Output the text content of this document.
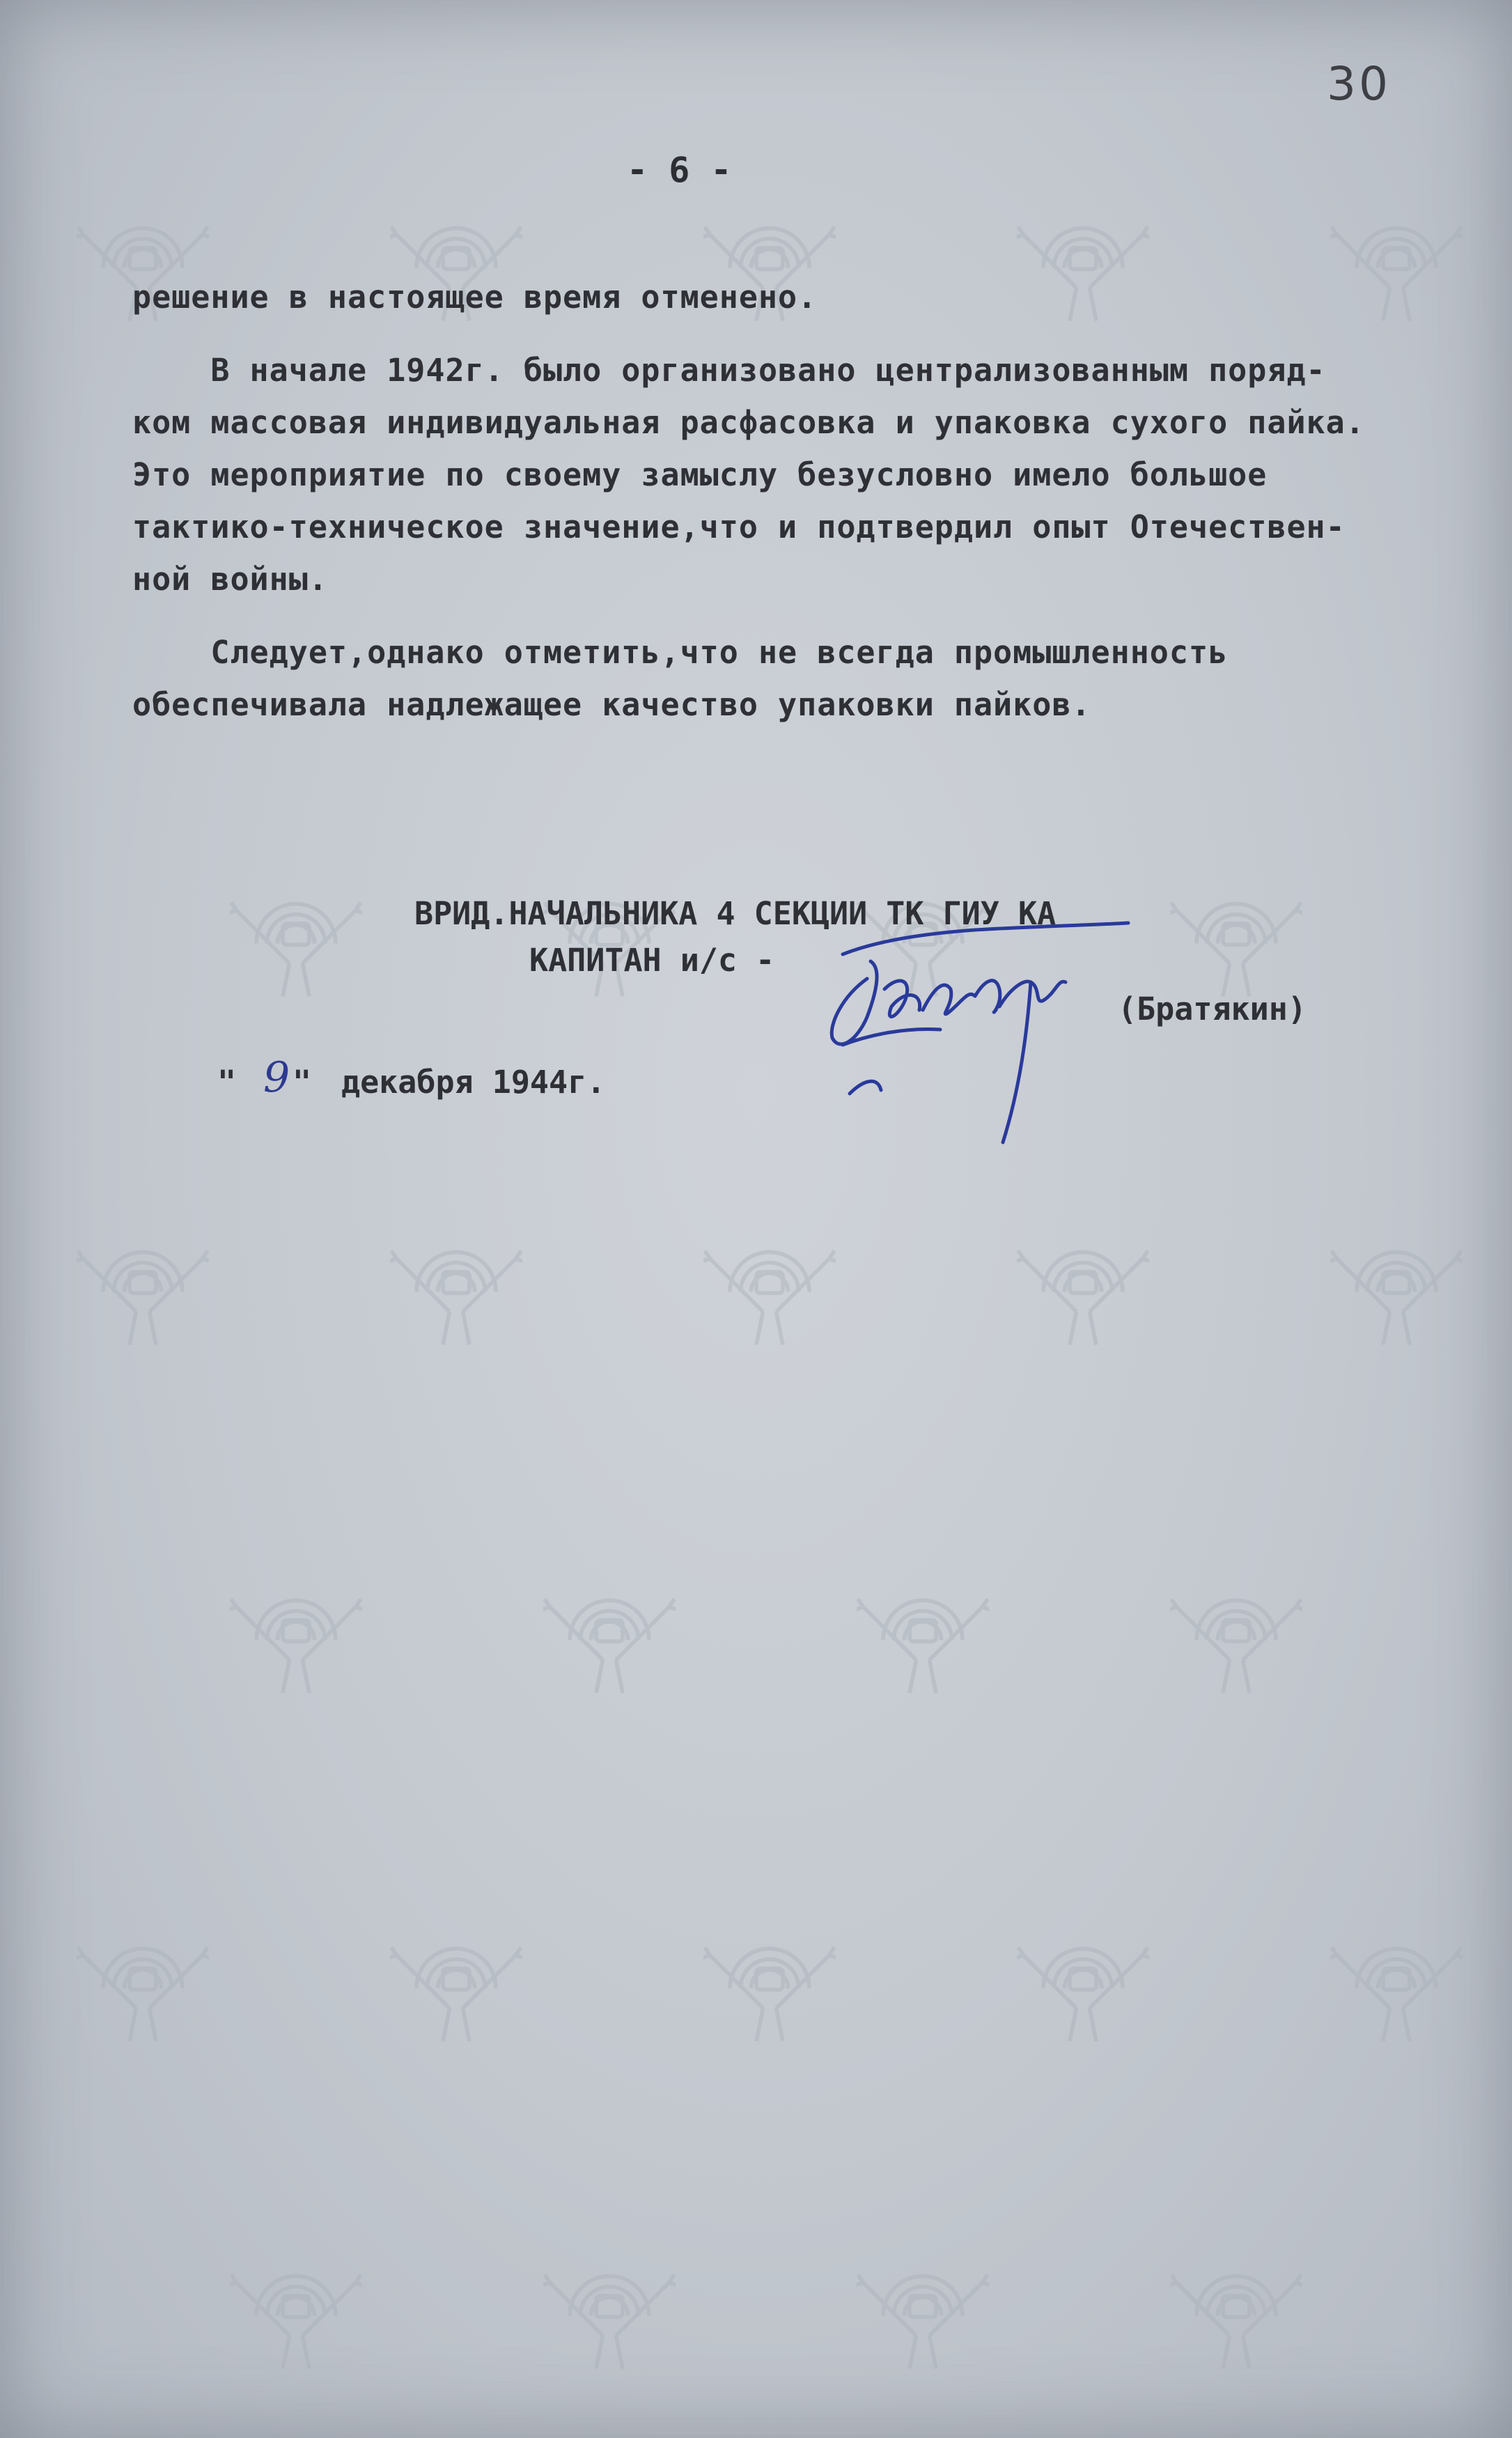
30
- 6 -
решение в настоящее время отменено.
В начале 1942г. было организовано централизованным поряд-
ком массовая индивидуальная расфасовка и упаковка сухого пайка.
Это мероприятие по своему замыслу безусловно имело большое
тактико-техническое значение,что и подтвердил опыт Отечествен-
ной войны.
Следует,однако отметить,что не всегда промышленность
обеспечивала надлежащее качество упаковки пайков.
ВРИД.НАЧАЛЬНИКА 4 СЕКЦИИ ТК ГИУ КА
КАПИТАН и/с -
(Братякин)
" 9 " декабря 1944г.
